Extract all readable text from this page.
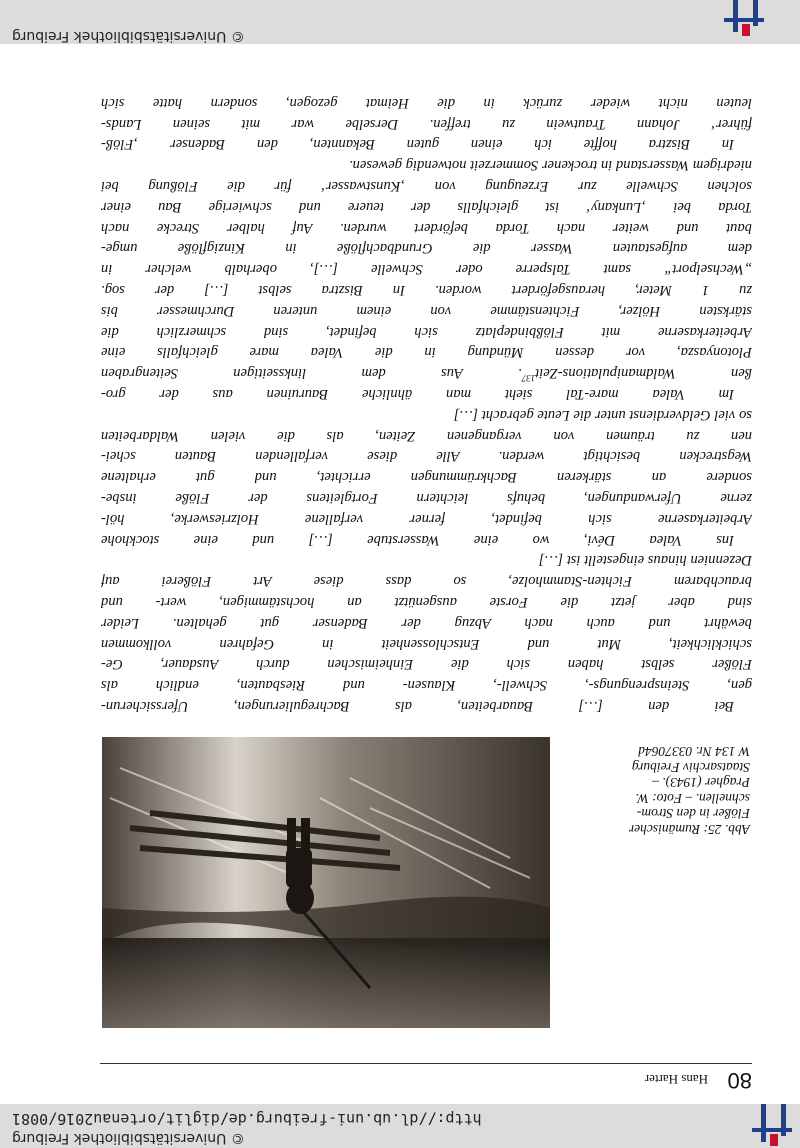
© Universitätsbibliothek Freiburg
http://dl.ub.uni-freiburg.de/diglit/ortenau2016/0081
© Universitätsbibliothek Freiburg
80
Hans Harter
Abb. 25: Rumänischer
Flößer in den Strom-
schnellen. – Foto: W.
Pragher (1943). –
Staatsarchiv Freiburg
W 134 Nr. 0337064d
Bei den […] Bauarbeiten, als Bachregulierungen, Uferssicherun-
gen, Steinsprengungs-, Schwell-, Klausen- und Riesbauten, endlich als
Flößer selbst haben sich die Einheimischen durch Ausdauer, Ge-
schicklichkeit, Mut und Entschlossenheit in Gefahren vollkommen
bewährt und auch nach Abzug der Badenser gut gehalten. Leider
sind aber jetzt die Forste ausgenützt an hochstämmigen, wert- und
brauchbarem Fichten-Stammholze, so dass diese Art Flößerei auf
Dezennien hinaus eingestellt ist […]
Ins Valea Dévi, wo eine Wasserstube […] und eine stockhohe
Arbeiterkaserne sich befindet, ferner verfallene Holzrieswerke, höl-
zerne Uferwandungen, behufs leichtern Fortgleitens der Flöße insbe-
sondere an stärkeren Bachkrümmungen errichtet, und gut erhaltene
Wegstrecken besichtigt werden. Alle diese verfallenden Bauten schei-
nen zu träumen von vergangenen Zeiten, als die vielen Waldarbeiten
so viel Geldverdienst unter die Leute gebracht […]
Im Valea mare-Tal sieht man ähnliche Bauruinen aus der gro-
ßen Waldmanipulations-Zeit$^{137}$. Aus dem linksseitigen Seitengraben
Plotonyasza, vor dessen Mündung in die Valea mare gleichfalls eine
Arbeiterkaserne mit Flößbindeplatz sich befindet, sind schmerzlich die
stärksten Hölzer, Fichtenstämme von einem unteren Durchmesser bis
zu 1 Meter, herausgefördert worden. In Bisztra selbst […] der sog.
„Wechselport“ samt Talsperre oder Schwelle […], oberhalb welcher in
dem aufgestauten Wasser die Grundbachflöße in Kinzigflöße umge-
baut und weiter nach Torda befördert wurden. Auf halber Strecke nach
Torda bei ‚Lunkany‘ ist gleichfalls der teuere und schwierige Bau einer
solchen Schwelle zur Erzeugung von ‚Kunstwasser‘ für die Flößung bei
niedrigem Wasserstand in trockener Sommerzeit notwendig gewesen.
In Bisztra hoffte ich einen guten Bekannten, den Badenser ‚Flöß-
führer‘ Johann Trautwein zu treffen. Derselbe war mit seinen Lands-
leuten nicht wieder zurück in die Heimat gezogen, sondern hatte sich
